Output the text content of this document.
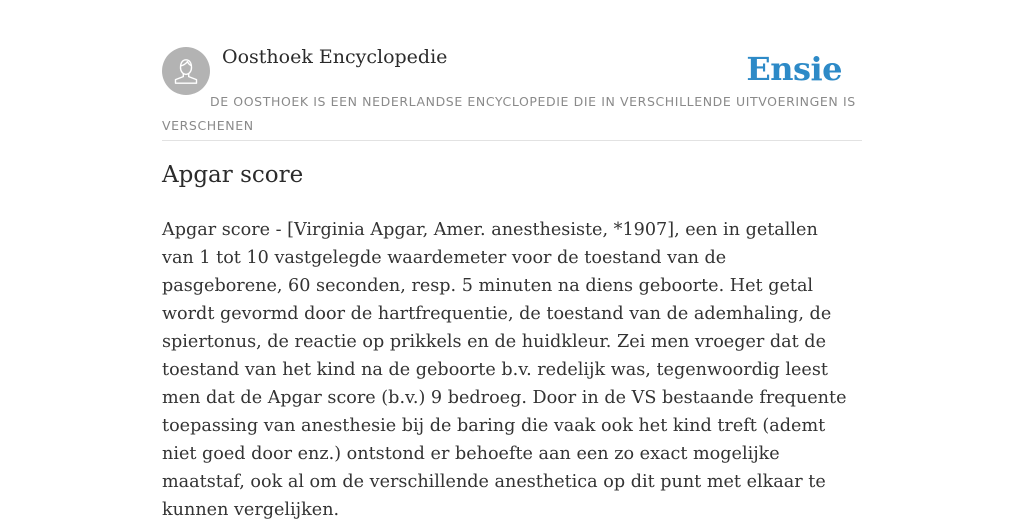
Oosthoek Encyclopedie	Ensie
DE OOSTHOEK IS EEN NEDERLANDSE ENCYCLOPEDIE DIE IN VERSCHILLENDE UITVOERINGEN IS VERSCHENEN
Apgar score

Apgar score - [Virginia Apgar, Amer. anesthesiste, *1907], een in getallen van 1 tot 10 vastgelegde waardemeter voor de toestand van de pasgeborene, 60 seconden, resp. 5 minuten na diens geboorte. Het getal wordt gevormd door de hartfrequentie, de toestand van de ademhaling, de spiertonus, de reactie op prikkels en de huidkleur. Zei men vroeger dat de toestand van het kind na de geboorte b.v. redelijk was, tegenwoordig leest men dat de Apgar score (b.v.) 9 bedroeg. Door in de VS bestaande frequente toepassing van anesthesie bij de baring die vaak ook het kind treft (ademt niet goed door enz.) ontstond er behoefte aan een zo exact mogelijke maatstaf, ook al om de verschillende anesthetica op dit punt met elkaar te kunnen vergelijken.
